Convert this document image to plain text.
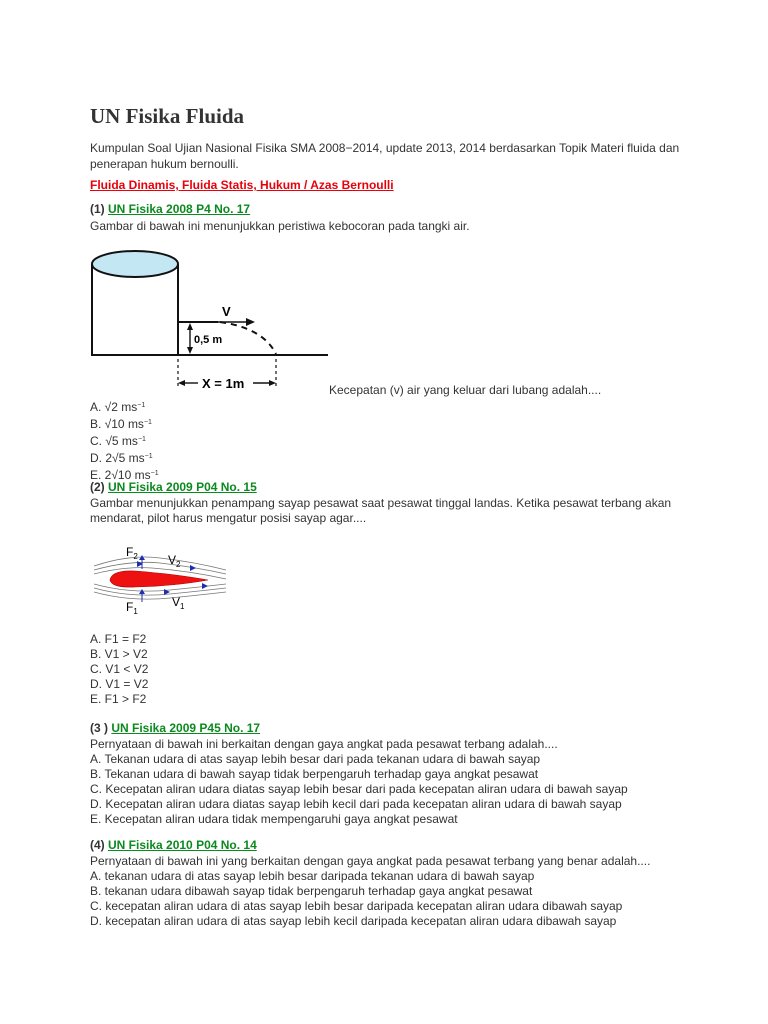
UN Fisika Fluida
Kumpulan Soal Ujian Nasional Fisika SMA 2008−2014, update 2013, 2014 berdasarkan Topik Materi fluida dan penerapan hukum bernoulli.
Fluida Dinamis, Fluida Statis, Hukum / Azas Bernoulli
(1) UN Fisika 2008 P4 No. 17
Gambar di bawah ini menunjukkan peristiwa kebocoran pada tangki air.
V
0,5 m
X = 1m	Kecepatan (v) air yang keluar dari lubang adalah....
A. √2 $ms^{-1}$
B. √10 $ms^{-1}$
C. √5 $ms^{-1}$
D. 2√5 $ms^{-1}$
E. 2√10 $ms^{-1}$
(2) UN Fisika 2009 P04 No. 15
Gambar menunjukkan penampang sayap pesawat saat pesawat tinggal landas. Ketika pesawat terbang akan mendarat, pilot harus mengatur posisi sayap agar....
$F_2$	$V_2$
$F_1$
$V_1$
A. F1 = F2
B. V1 > V2
C. V1 < V2
D. V1 = V2
E. F1 > F2
(3 ) UN Fisika 2009 P45 No. 17
Pernyataan di bawah ini berkaitan dengan gaya angkat pada pesawat terbang adalah....
A. Tekanan udara di atas sayap lebih besar dari pada tekanan udara di bawah sayap
B. Tekanan udara di bawah sayap tidak berpengaruh terhadap gaya angkat pesawat
C. Kecepatan aliran udara diatas sayap lebih besar dari pada kecepatan aliran udara di bawah sayap
D. Kecepatan aliran udara diatas sayap lebih kecil dari pada kecepatan aliran udara di bawah sayap
E. Kecepatan aliran udara tidak mempengaruhi gaya angkat pesawat
(4) UN Fisika 2010 P04 No. 14
Pernyataan di bawah ini yang berkaitan dengan gaya angkat pada pesawat terbang yang benar adalah....
A. tekanan udara di atas sayap lebih besar daripada tekanan udara di bawah sayap
B. tekanan udara dibawah sayap tidak berpengaruh terhadap gaya angkat pesawat
C. kecepatan aliran udara di atas sayap lebih besar daripada kecepatan aliran udara dibawah sayap
D. kecepatan aliran udara di atas sayap lebih kecil daripada kecepatan aliran udara dibawah sayap
